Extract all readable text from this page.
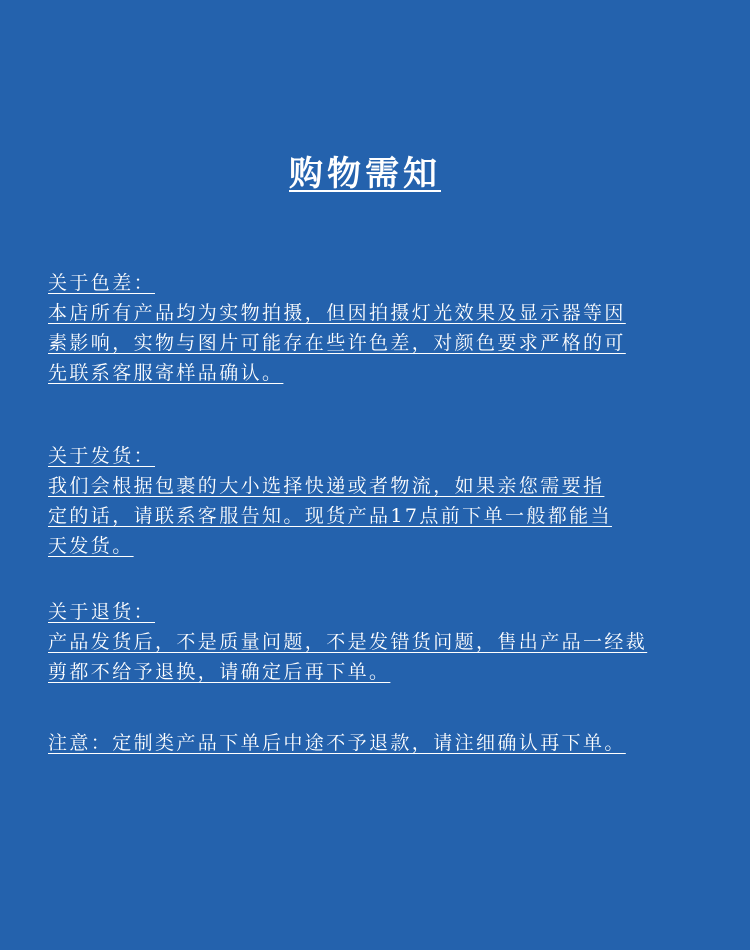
购物需知
关于色差：
本店所有产品均为实物拍摄，但因拍摄灯光效果及显示器等因
素影响，实物与图片可能存在些许色差，对颜色要求严格的可
先联系客服寄样品确认。
关于发货：
我们会根据包裹的大小选择快递或者物流，如果亲您需要指
定的话，请联系客服告知。现货产品17点前下单一般都能当
天发货。
关于退货：
产品发货后，不是质量问题，不是发错货问题，售出产品一经裁
剪都不给予退换，请确定后再下单。
注意：定制类产品下单后中途不予退款，请注细确认再下单。
